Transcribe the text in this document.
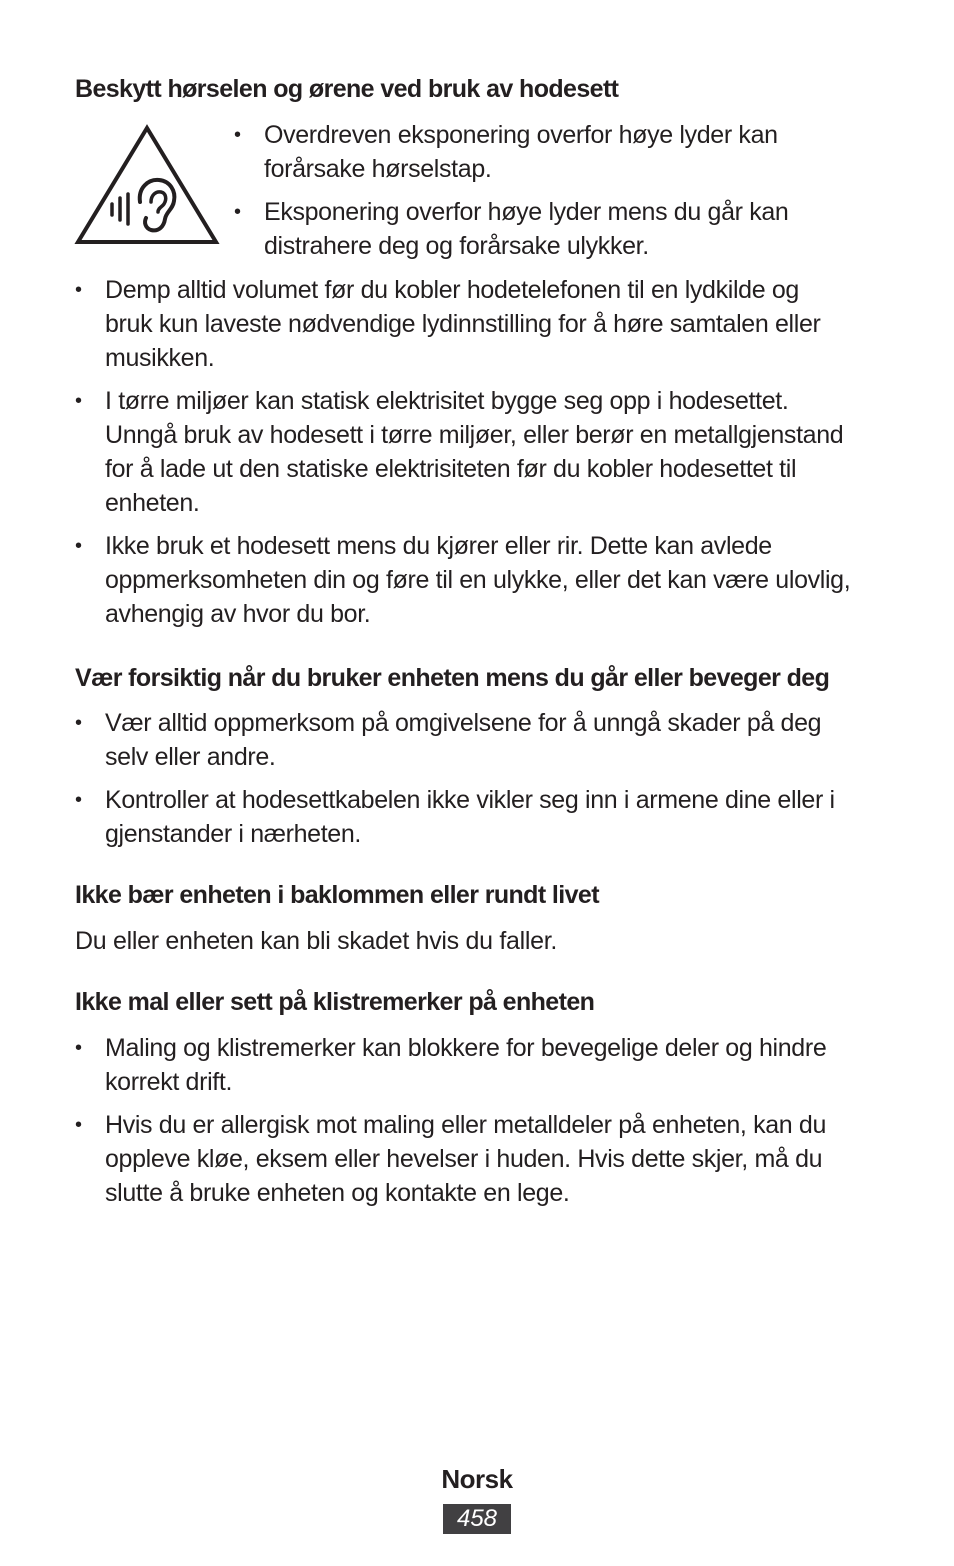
Beskytt hørselen og ørene ved bruk av hodesett
• Overdreven eksponering overfor høye lyder kan
forårsake hørselstap.
• Eksponering overfor høye lyder mens du går kan
distrahere deg og forårsake ulykker.
• Demp alltid volumet før du kobler hodetelefonen til en lydkilde og
bruk kun laveste nødvendige lydinnstilling for å høre samtalen eller
musikken.
• I tørre miljøer kan statisk elektrisitet bygge seg opp i hodesettet.
Unngå bruk av hodesett i tørre miljøer, eller berør en metallgjenstand
for å lade ut den statiske elektrisiteten før du kobler hodesettet til
enheten.
• Ikke bruk et hodesett mens du kjører eller rir. Dette kan avlede
oppmerksomheten din og føre til en ulykke, eller det kan være ulovlig,
avhengig av hvor du bor.
Vær forsiktig når du bruker enheten mens du går eller beveger deg
• Vær alltid oppmerksom på omgivelsene for å unngå skader på deg
selv eller andre.
• Kontroller at hodesettkabelen ikke vikler seg inn i armene dine eller i
gjenstander i nærheten.
Ikke bær enheten i baklommen eller rundt livet
Du eller enheten kan bli skadet hvis du faller.
Ikke mal eller sett på klistremerker på enheten
• Maling og klistremerker kan blokkere for bevegelige deler og hindre
korrekt drift.
• Hvis du er allergisk mot maling eller metalldeler på enheten, kan du
oppleve kløe, eksem eller hevelser i huden. Hvis dette skjer, må du
slutte å bruke enheten og kontakte en lege.
Norsk
458
